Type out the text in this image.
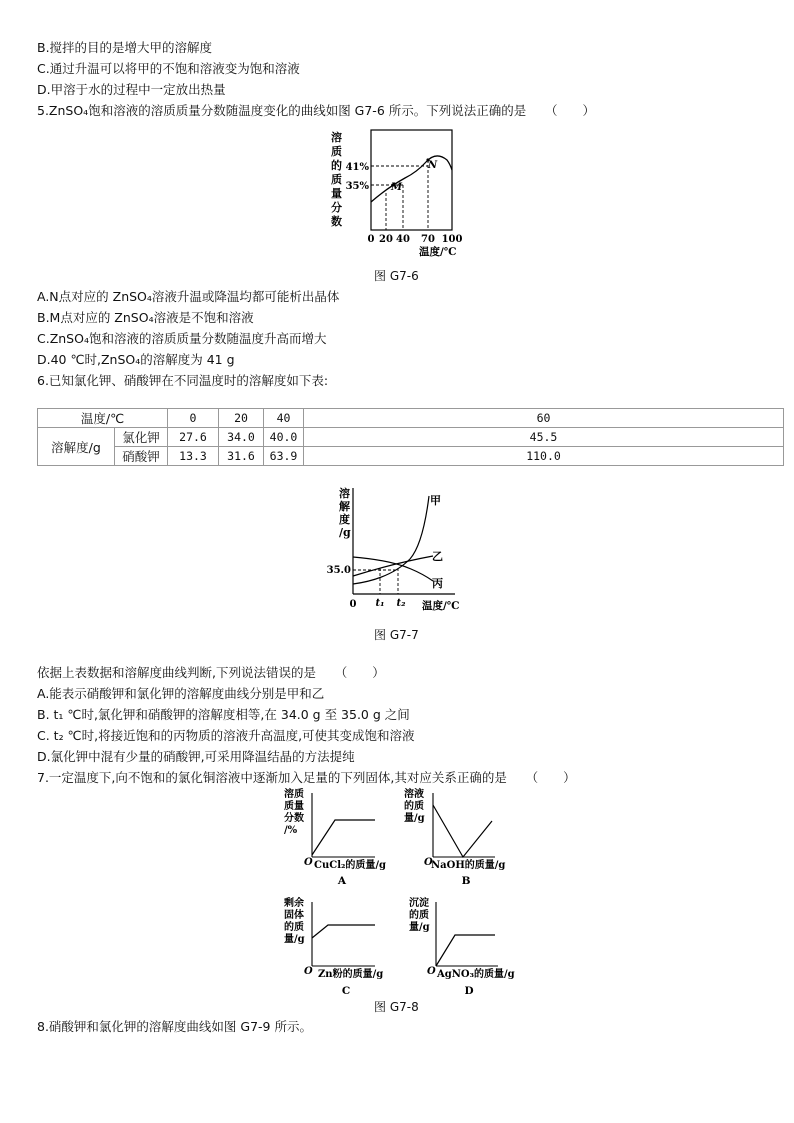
B.搅拌的目的是增大甲的溶解度
C.通过升温可以将甲的不饱和溶液变为饱和溶液
D.甲溶于水的过程中一定放出热量
5.ZnSO₄饱和溶液的溶质质量分数随温度变化的曲线如图 G7-6 所示。下列说法正确的是　　（　　）
溶
质
的
质
量
分
数
41%
35% M
N
0 20 40 70 100
温度/℃
图 G7-6
A.N点对应的 ZnSO₄溶液升温或降温均都可能析出晶体
B.M点对应的 ZnSO₄溶液是不饱和溶液
C.ZnSO₄饱和溶液的溶质质量分数随温度升高而增大
D.40 ℃时,ZnSO₄的溶解度为 41 g
6.已知氯化钾、硝酸钾在不同温度时的溶解度如下表:
温度/℃		0	20	40	60
溶解度/g	氯化钾	27.6	34.0	40.0	45.5
	硝酸钾	13.3	31.6	63.9	110.0
溶
解
度
/g
35.0
0 t₁ t₂ 温度/℃
甲
乙
丙
图 G7-7
依据上表数据和溶解度曲线判断,下列说法错误的是　　（　　）
A.能表示硝酸钾和氯化钾的溶解度曲线分别是甲和乙
B. t₁ ℃时,氯化钾和硝酸钾的溶解度相等,在 34.0 g 至 35.0 g 之间
C. t₂ ℃时,将接近饱和的丙物质的溶液升高温度,可使其变成饱和溶液
D.氯化钾中混有少量的硝酸钾,可采用降温结晶的方法提纯
7.一定温度下,向不饱和的氯化铜溶液中逐渐加入足量的下列固体,其对应关系正确的是　　（　　）
溶质
质量
分数
/%
O CuCl₂的质量/g
A
溶液
的质
量/g
O
NaOH的质量/g
B
剩余
固体
的质
量/g
O Zn粉的质量/g
C
沉淀
的质
量/g
O AgNO₃的质量/g
D
图 G7-8
8.硝酸钾和氯化钾的溶解度曲线如图 G7-9 所示。
